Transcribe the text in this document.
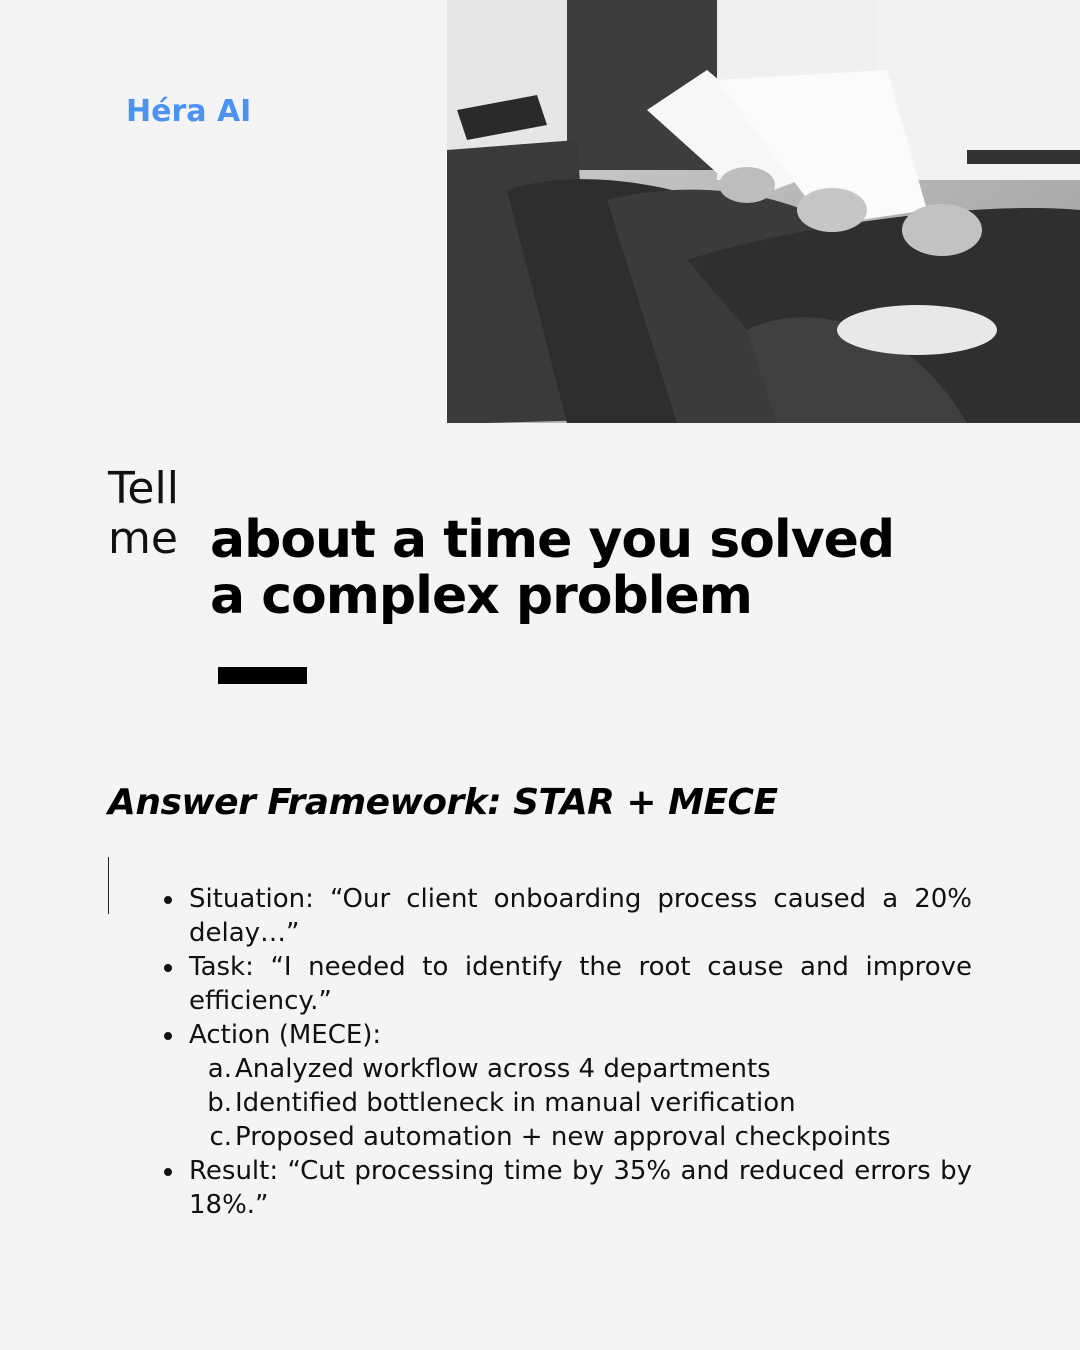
Héra AI
Tell
me about a time you solved
a complex problem
Answer Framework: STAR + MECE
Situation: “Our client onboarding process caused a 20% delay…”
Task: “I needed to identify the root cause and improve efficiency.”
Action (MECE):
a. Analyzed workflow across 4 departments
b. Identified bottleneck in manual verification
c. Proposed automation + new approval checkpoints
Result: “Cut processing time by 35% and reduced errors by 18%.”
